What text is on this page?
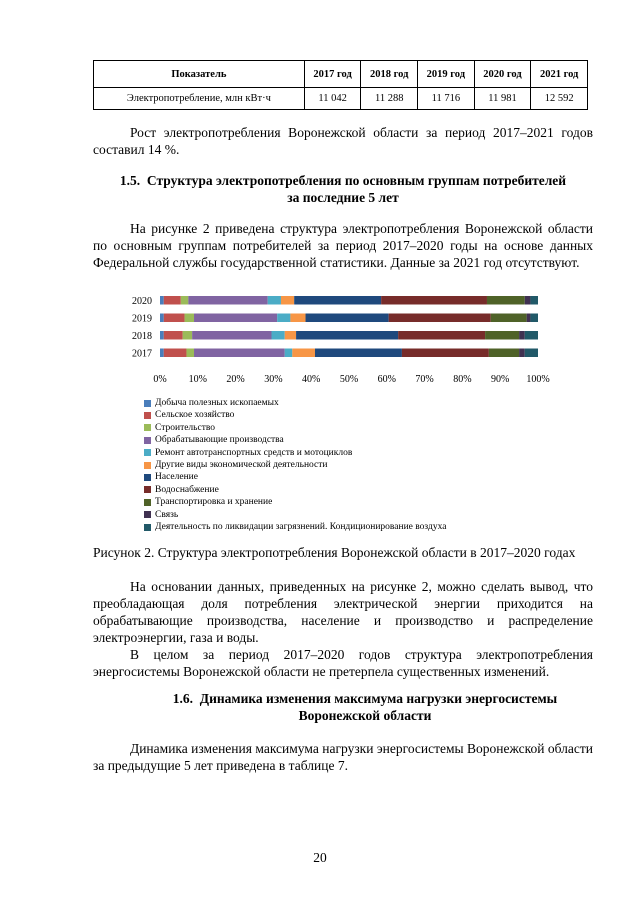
Показатель	2017 год	2018 год	2019 год	2020 год	2021 год
Электропотребление, млн кВт·ч	11 042	11 288	11 716	11 981	12 592
Рост электропотребления Воронежской области за период 2017–2021 годов составил 14 %.
1.5. Структура электропотребления по основным группам потребителей
за последние 5 лет
На рисунке 2 приведена структура электропотребления Воронежской области по основным группам потребителей за период 2017–2020 годы на основе данных Федеральной службы государственной статистики. Данные за 2021 год отсутствуют.
2020
2019
2018
2017
0% 10% 20% 30% 40% 50% 60% 70% 80% 90% 100%
Добыча полезных ископаемых
Сельское хозяйство
Строительство
Обрабатывающие производства
Ремонт автотранспортных средств и мотоциклов
Другие виды экономической деятельности
Население
Водоснабжение
Транспортировка и хранение
Связь
Деятельность по ликвидации загрязнений. Кондиционирование воздуха
Рисунок 2. Структура электропотребления Воронежской области в 2017–2020 годах
На основании данных, приведенных на рисунке 2, можно сделать вывод, что преобладающая доля потребления электрической энергии приходится на обрабатывающие производства, население и производство и распределение электроэнергии, газа и воды.
В целом за период 2017–2020 годов структура электропотребления энергосистемы Воронежской области не претерпела существенных изменений.
1.6. Динамика изменения максимума нагрузки энергосистемы
Воронежской области
Динамика изменения максимума нагрузки энергосистемы Воронежской области за предыдущие 5 лет приведена в таблице 7.
20
